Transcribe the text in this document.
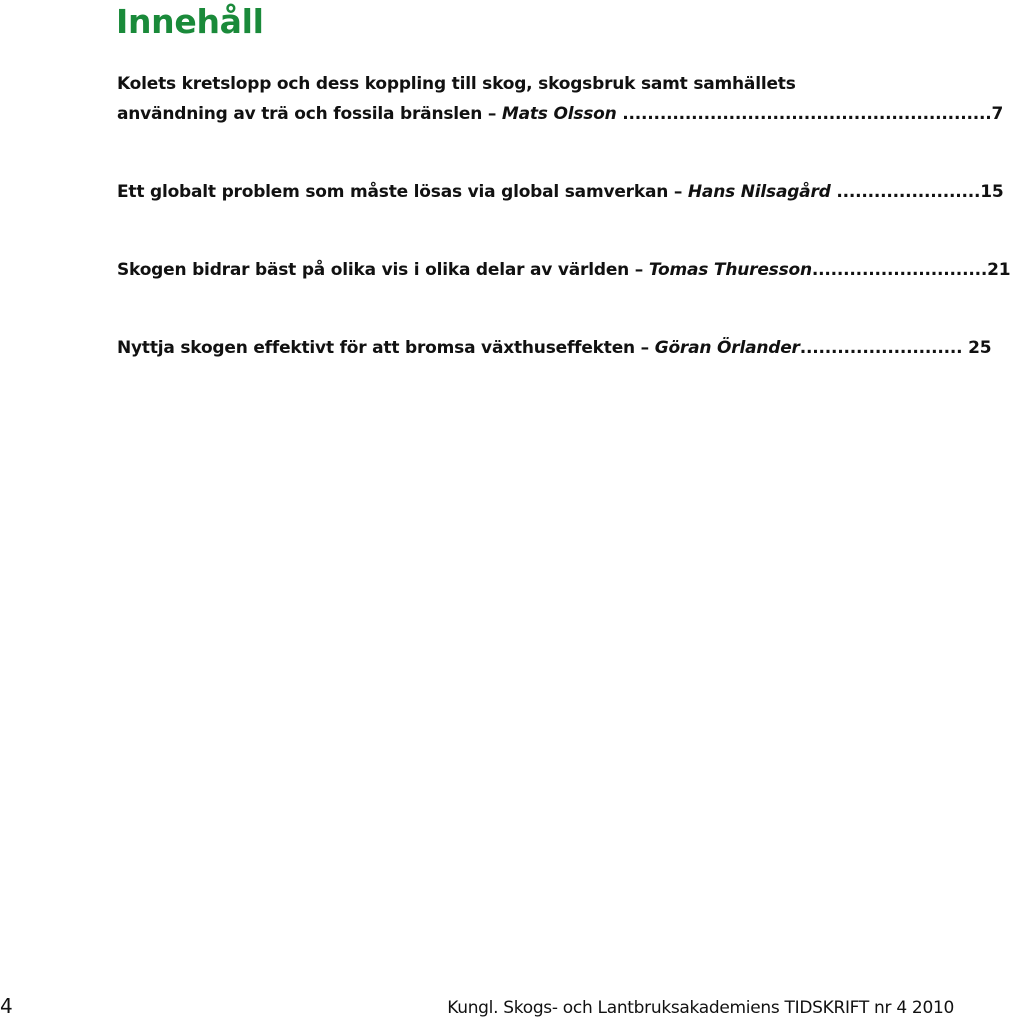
Innehåll
Kolets kretslopp och dess koppling till skog, skogsbruk samt samhällets
användning av trä och fossila bränslen – Mats Olsson ...........................................................7
Ett globalt problem som måste lösas via global samverkan – Hans Nilsagård .......................15
Skogen bidrar bäst på olika vis i olika delar av världen – Tomas Thuresson............................21
Nyttja skogen effektivt för att bromsa växthuseffekten – Göran Örlander.......................... 25
4	Kungl. Skogs- och Lantbruksakademiens TIDSKRIFT nr 4 2010
